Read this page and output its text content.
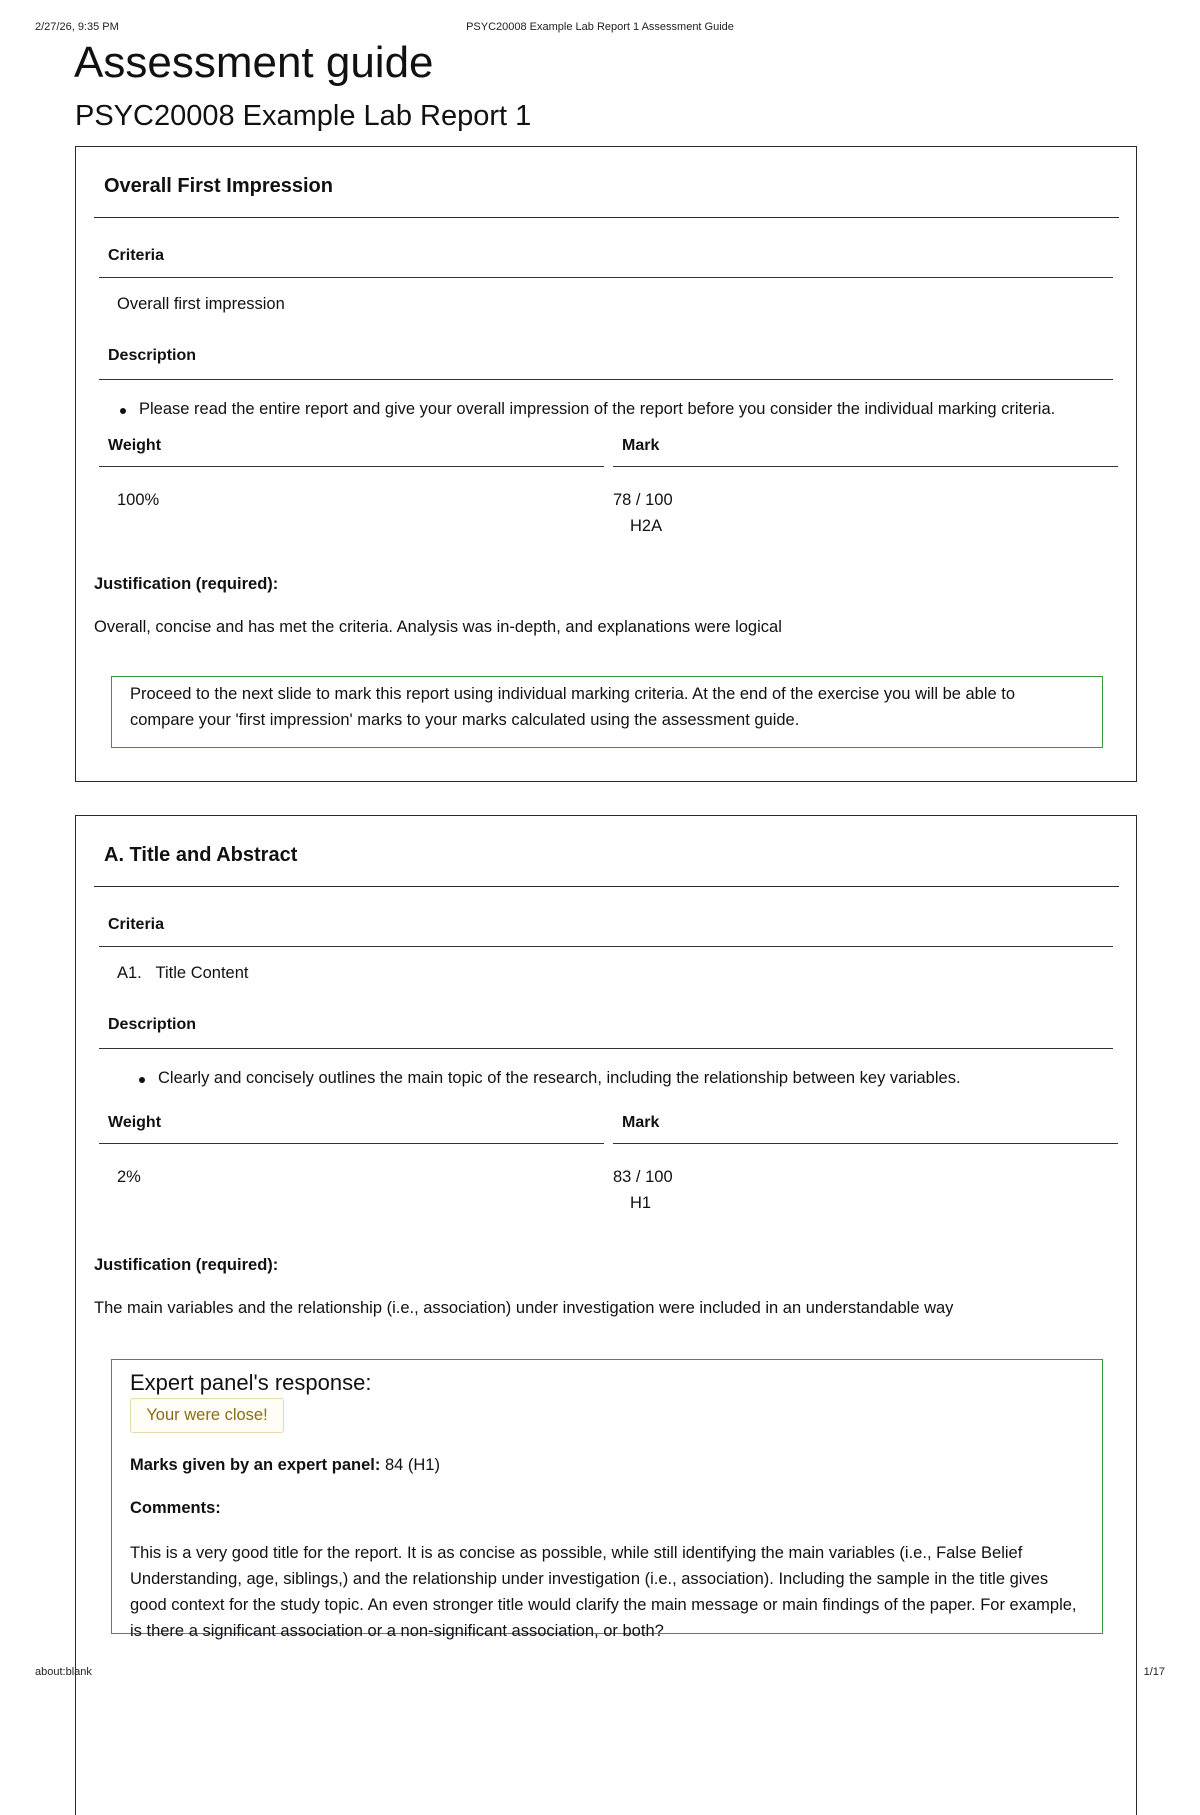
2/27/26, 9:35 PM	PSYC20008 Example Lab Report 1 Assessment Guide
Assessment guide
PSYC20008 Example Lab Report 1
Overall First Impression
Criteria
Overall first impression
Description
Please read the entire report and give your overall impression of the report before you consider the individual marking criteria.
Weight	Mark
100%	78 / 100
H2A
Justification (required):
Overall, concise and has met the criteria. Analysis was in-depth, and explanations were logical
Proceed to the next slide to mark this report using individual marking criteria. At the end of the exercise you will be able to compare your 'first impression' marks to your marks calculated using the assessment guide.
A. Title and Abstract
Criteria
A1. Title Content
Description
Clearly and concisely outlines the main topic of the research, including the relationship between key variables.
Weight	Mark
2%	83 / 100
H1
Justification (required):
The main variables and the relationship (i.e., association) under investigation were included in an understandable way
Expert panel's response:
Your were close!
Marks given by an expert panel: 84 (H1)
Comments:
This is a very good title for the report. It is as concise as possible, while still identifying the main variables (i.e., False Belief Understanding, age, siblings,) and the relationship under investigation (i.e., association). Including the sample in the title gives good context for the study topic. An even stronger title would clarify the main message or main findings of the paper. For example, is there a significant association or a non-significant association, or both?
about:blank	1/17
